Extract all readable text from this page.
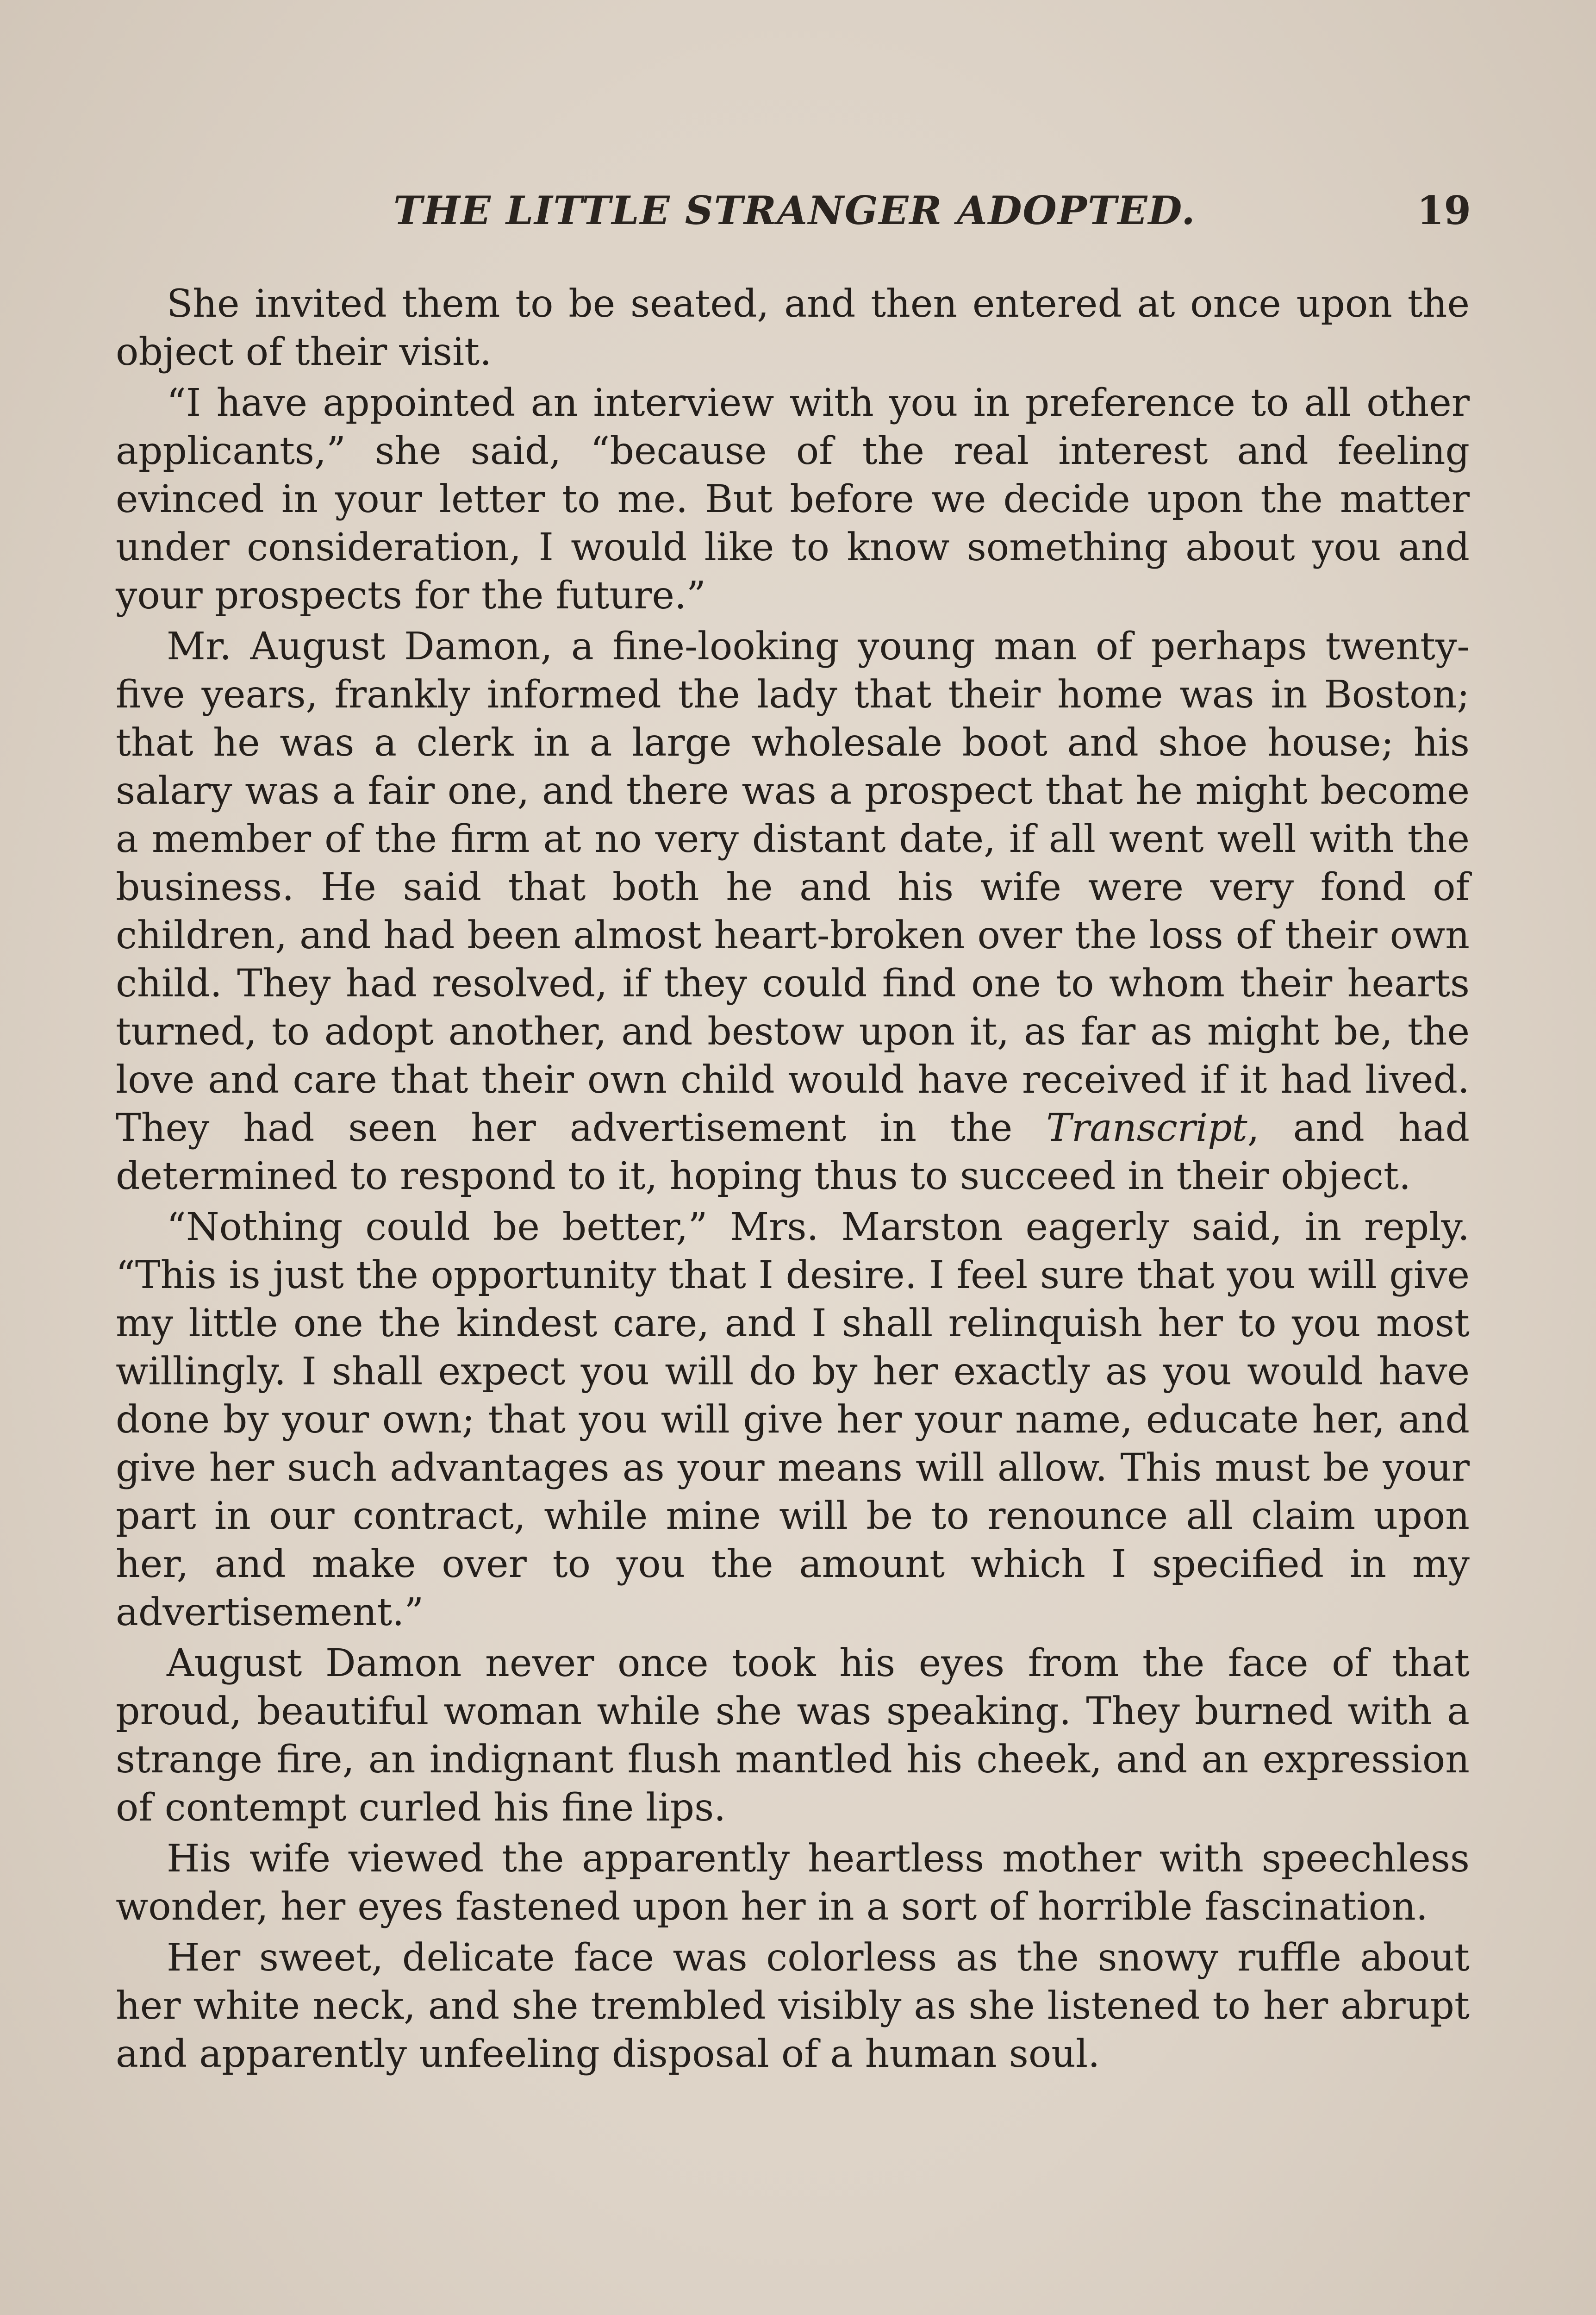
THE LITTLE STRANGER ADOPTED.	19

She invited them to be seated, and then entered at once upon the object of their visit.

“I have appointed an interview with you in preference to all other applicants,” she said, “because of the real interest and feeling evinced in your letter to me. But before we decide upon the matter under consideration, I would like to know something about you and your prospects for the future.”

Mr. August Damon, a fine-looking young man of perhaps twenty-five years, frankly informed the lady that their home was in Boston; that he was a clerk in a large wholesale boot and shoe house; his salary was a fair one, and there was a prospect that he might become a member of the firm at no very distant date, if all went well with the business. He said that both he and his wife were very fond of children, and had been almost heart-broken over the loss of their own child. They had resolved, if they could find one to whom their hearts turned, to adopt another, and bestow upon it, as far as might be, the love and care that their own child would have received if it had lived. They had seen her advertisement in the Transcript, and had determined to respond to it, hoping thus to succeed in their object.

“Nothing could be better,” Mrs. Marston eagerly said, in reply. “This is just the opportunity that I desire. I feel sure that you will give my little one the kindest care, and I shall relinquish her to you most willingly. I shall expect you will do by her exactly as you would have done by your own; that you will give her your name, educate her, and give her such advantages as your means will allow. This must be your part in our contract, while mine will be to renounce all claim upon her, and make over to you the amount which I specified in my advertisement.”

August Damon never once took his eyes from the face of that proud, beautiful woman while she was speaking. They burned with a strange fire, an indignant flush mantled his cheek, and an expression of contempt curled his fine lips.

His wife viewed the apparently heartless mother with speechless wonder, her eyes fastened upon her in a sort of horrible fascination.

Her sweet, delicate face was colorless as the snowy ruffle about her white neck, and she trembled visibly as she listened to her abrupt and apparently unfeeling disposal of a human soul.
